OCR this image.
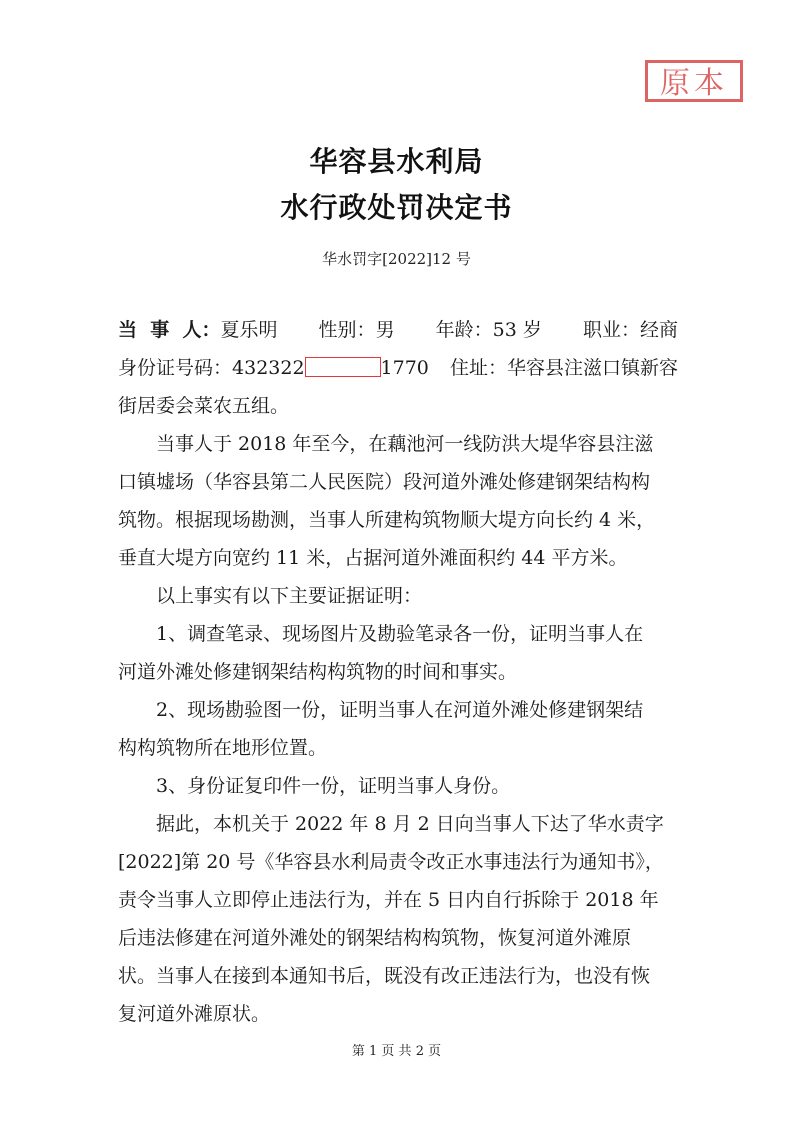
原本
华容县水利局
水行政处罚决定书
华水罚字[2022]12 号
当  事  人：夏乐明 性别：男 年龄：53 岁 职业：经商
身份证号码：432322	1770 住址：华容县注滋口镇新容
街居委会菜农五组。
当事人于 2018 年至今，在藕池河一线防洪大堤华容县注滋
口镇墟场（华容县第二人民医院）段河道外滩处修建钢架结构构
筑物。根据现场勘测，当事人所建构筑物顺大堤方向长约 4 米，
垂直大堤方向宽约 11 米，占据河道外滩面积约 44 平方米。
以上事实有以下主要证据证明：
1、调查笔录、现场图片及勘验笔录各一份，证明当事人在
河道外滩处修建钢架结构构筑物的时间和事实。
2、现场勘验图一份，证明当事人在河道外滩处修建钢架结
构构筑物所在地形位置。
3、身份证复印件一份，证明当事人身份。
据此，本机关于 2022 年 8 月 2 日向当事人下达了华水责字
[2022]第 20 号《华容县水利局责令改正水事违法行为通知书》，
责令当事人立即停止违法行为，并在 5 日内自行拆除于 2018 年
后违法修建在河道外滩处的钢架结构构筑物，恢复河道外滩原
状。当事人在接到本通知书后，既没有改正违法行为，也没有恢
复河道外滩原状。
第 1 页 共 2 页
